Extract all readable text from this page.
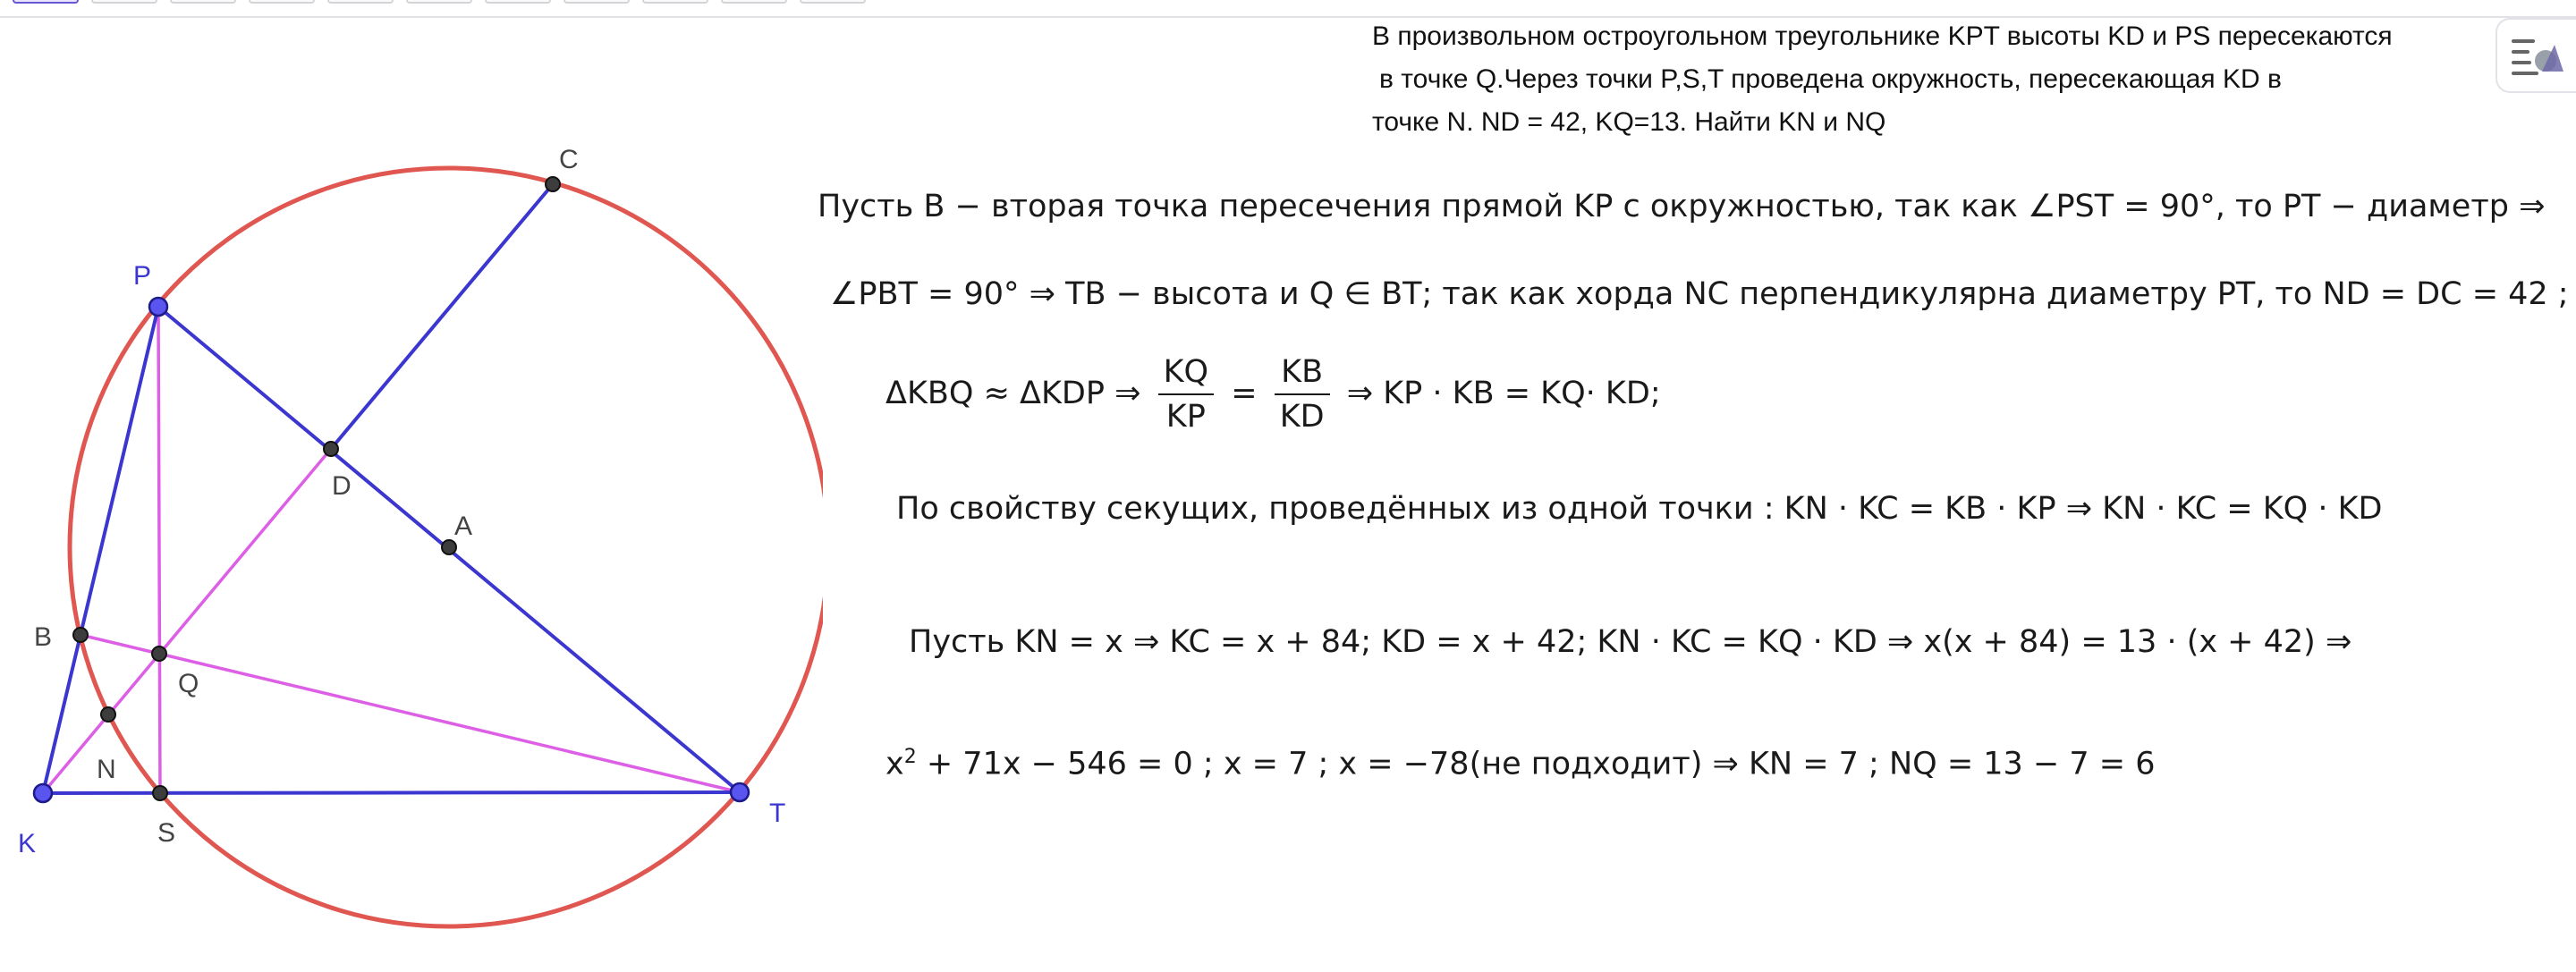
C
P
D
A
B
Q
N
K	S
T
В произвольном остроугольном треугольнике KPT высоты KD и PS пересекаются
в точке Q.Через точки P,S,T проведена окружность, пересекающая KD в
точке N. ND = 42, KQ=13. Найти KN и NQ
Пусть B − вторая точка пересечения прямой KP с окружностью, так как ∠PST = 90°, то PT − диаметр ⇒
∠PBT = 90° ⇒ TB − высота и Q ∈ BT; так как хорда NC перпендикулярна диаметру PT, то ND = DC = 42 ;
ΔKBQ ≈ ΔKDP ⇒ $\frac{KQ}{KP} = \frac{KB}{KD}$ ⇒ KP · KB = KQ· KD;
По свойству секущих, проведённых из одной точки : KN · KC = KB · KP ⇒ KN · KC = KQ · KD
Пусть KN = x ⇒ KC = x + 84; KD = x + 42; KN · KC = KQ · KD ⇒ x(x + 84) = 13 · (x + 42) ⇒
$x^2 + 71x - 546 = 0$ ; x = 7 ; x = −78(не подходит) ⇒ KN = 7 ; NQ = 13 − 7 = 6
